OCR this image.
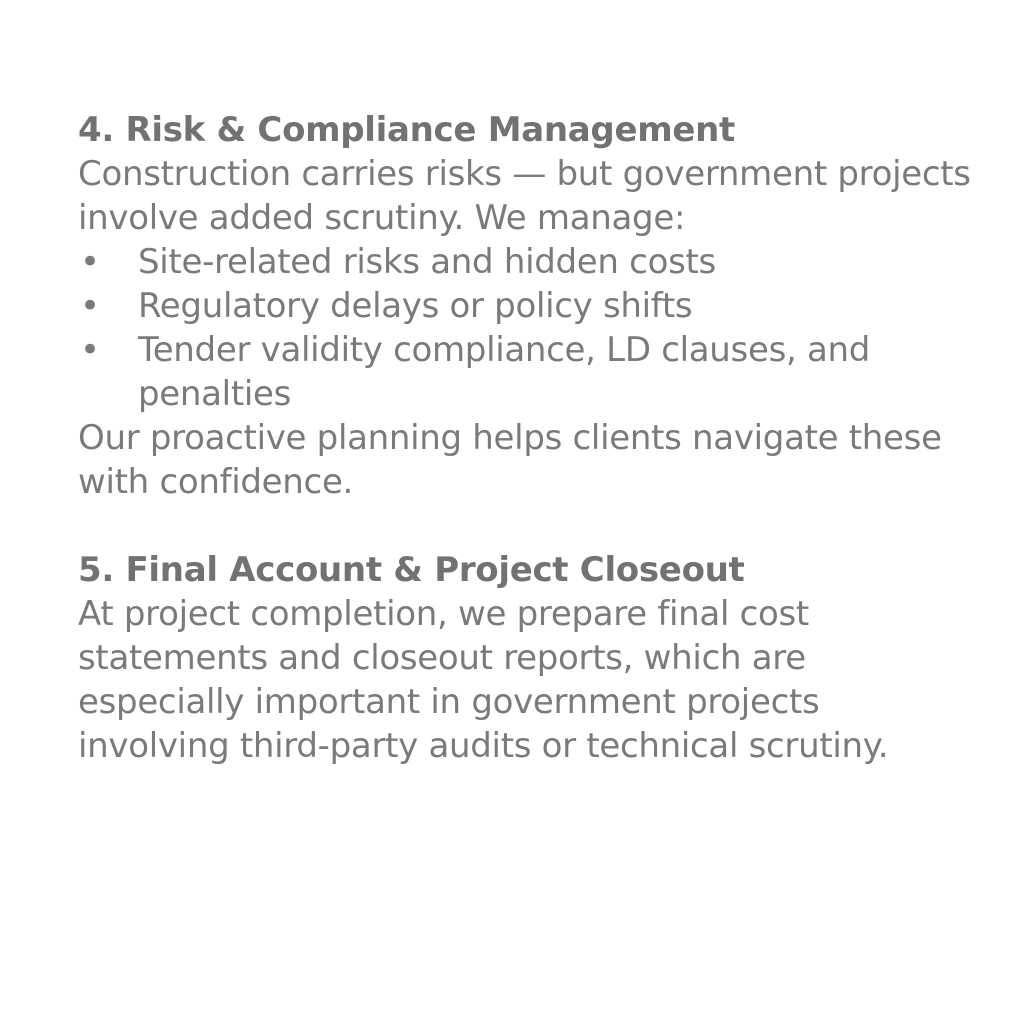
4. Risk & Compliance Management

Construction carries risks — but government projects involve added scrutiny. We manage:

• Site-related risks and hidden costs
• Regulatory delays or policy shifts
• Tender validity compliance, LD clauses, and penalties

Our proactive planning helps clients navigate these with confidence.

5. Final Account & Project Closeout

At project completion, we prepare final cost statements and closeout reports, which are especially important in government projects involving third-party audits or technical scrutiny.
